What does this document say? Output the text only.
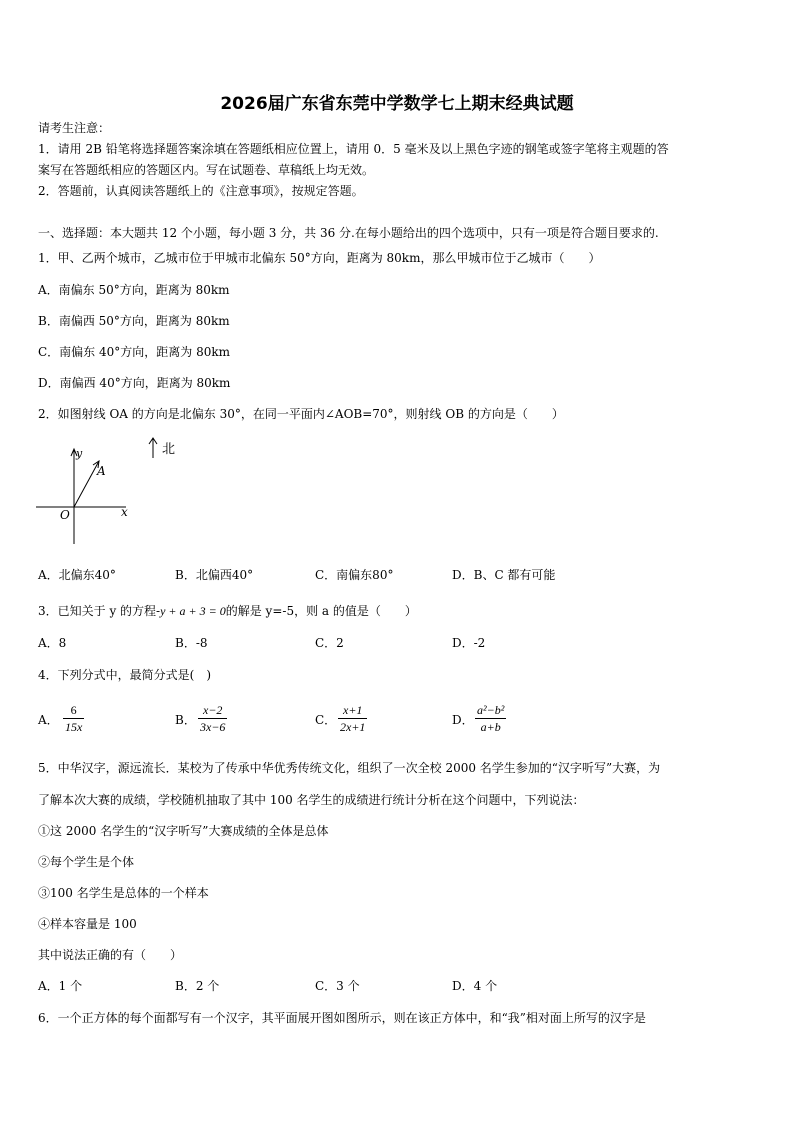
2026届广东省东莞中学数学七上期末经典试题
请考生注意：
1．请用 2B 铅笔将选择题答案涂填在答题纸相应位置上，请用 0．5 毫米及以上黑色字迹的钢笔或签字笔将主观题的答
案写在答题纸相应的答题区内。写在试题卷、草稿纸上均无效。
2．答题前，认真阅读答题纸上的《注意事项》，按规定答题。
一、选择题：本大题共 12 个小题，每小题 3 分，共 36 分.在每小题给出的四个选项中，只有一项是符合题目要求的.
1．甲、乙两个城市，乙城市位于甲城市北偏东 50°方向，距离为 80km，那么甲城市位于乙城市（　　）
A．南偏东 50°方向，距离为 80km
B．南偏西 50°方向，距离为 80km
C．南偏东 40°方向，距离为 80km
D．南偏西 40°方向，距离为 80km
2．如图射线 OA 的方向是北偏东 30°，在同一平面内∠AOB=70°，则射线 OB 的方向是（　　）
北
y
A
O	x
A．北偏东40°	B．北偏西40°	C．南偏东80°	D．B、C 都有可能
3．已知关于 y 的方程-y + a + 3 = 0的解是 y=-5，则 a 的值是（　　）
A．8	B．-8	C．2	D．-2
4．下列分式中，最简分式是(　)
A．
6
15x	B．
x−2
3x−6	C．
x+1
2x+1	D．
a²−b²
a+b
5．中华汉字，源远流长．某校为了传承中华优秀传统文化，组织了一次全校 2000 名学生参加的“汉字听写”大赛，为
了解本次大赛的成绩，学校随机抽取了其中 100 名学生的成绩进行统计分析在这个问题中，下列说法：
①这 2000 名学生的“汉字听写”大赛成绩的全体是总体
②每个学生是个体
③100 名学生是总体的一个样本
④样本容量是 100
其中说法正确的有（　　）
A．1 个	B．2 个	C．3 个	D．4 个
6．一个正方体的每个面都写有一个汉字，其平面展开图如图所示，则在该正方体中，和“我”相对面上所写的汉字是
